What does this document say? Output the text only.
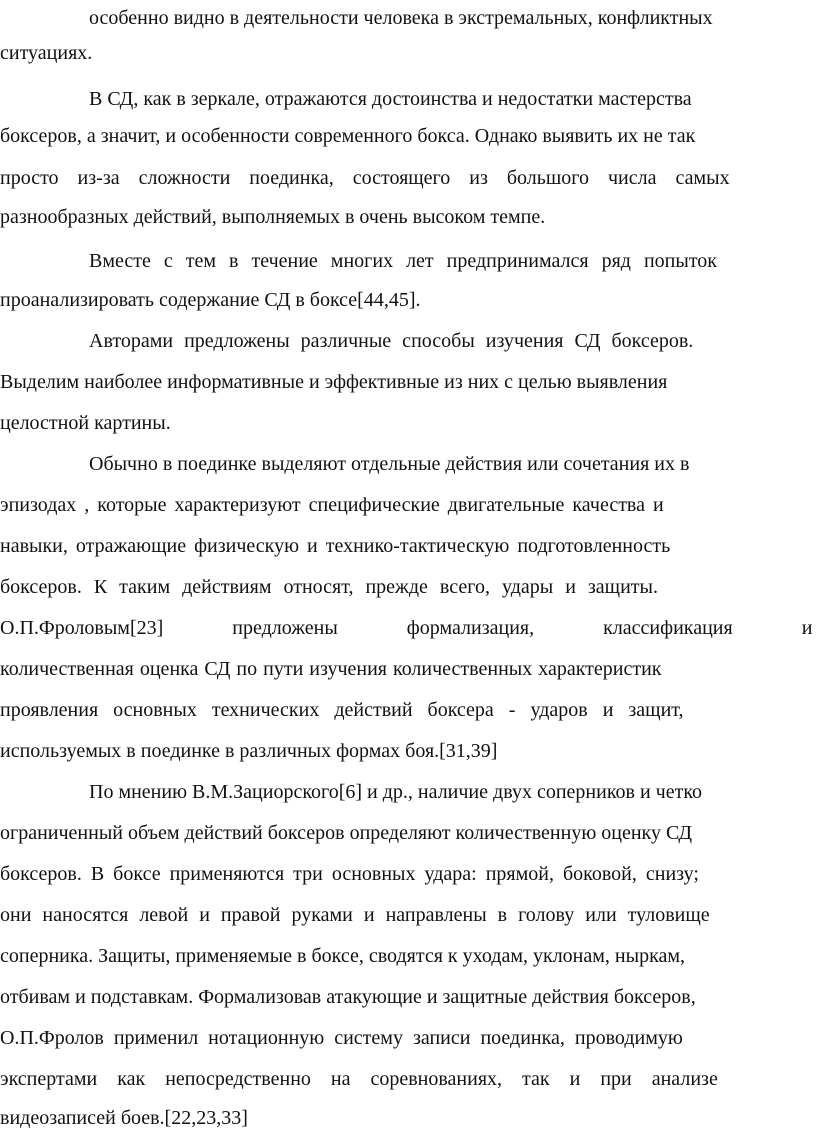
особенно видно в деятельности человека в экстремальных, конфликтных
ситуациях.
В СД, как в зеркале, отражаются достоинства и недостатки мастерства
боксеров, а значит, и особенности современного бокса. Однако выявить их не так
просто из-за сложности поединка, состоящего из большого числа самых
разнообразных действий, выполняемых в очень высоком темпе.
Вместе с тем в течение многих лет предпринимался ряд попыток
проанализировать содержание СД в боксе[44,45].
Авторами предложены различные способы изучения СД боксеров.
Выделим наиболее информативные и эффективные из них с целью выявления
целостной картины.
Обычно в поединке выделяют отдельные действия или сочетания их в
эпизодах , которые характеризуют специфические двигательные качества и
навыки, отражающие физическую и технико-тактическую подготовленность
боксеров. К таким действиям относят, прежде всего, удары и защиты.
О.П.Фроловым[23] предложены формализация, классификация и
количественная оценка СД по пути изучения количественных характеристик
проявления основных технических действий боксера - ударов и защит,
используемых в поединке в различных формах боя.[31,39]
По мнению В.М.Зациорского[6] и др., наличие двух соперников и четко
ограниченный объем действий боксеров определяют количественную оценку СД
боксеров. В боксе применяются три основных удара: прямой, боковой, снизу;
они наносятся левой и правой руками и направлены в голову или туловище
соперника. Защиты, применяемые в боксе, сводятся к уходам, уклонам, ныркам,
отбивам и подставкам. Формализовав атакующие и защитные действия боксеров,
О.П.Фролов применил нотационную систему записи поединка, проводимую
экспертами как непосредственно на соревнованиях, так и при анализе
видеозаписей боев.[22,23,33]
